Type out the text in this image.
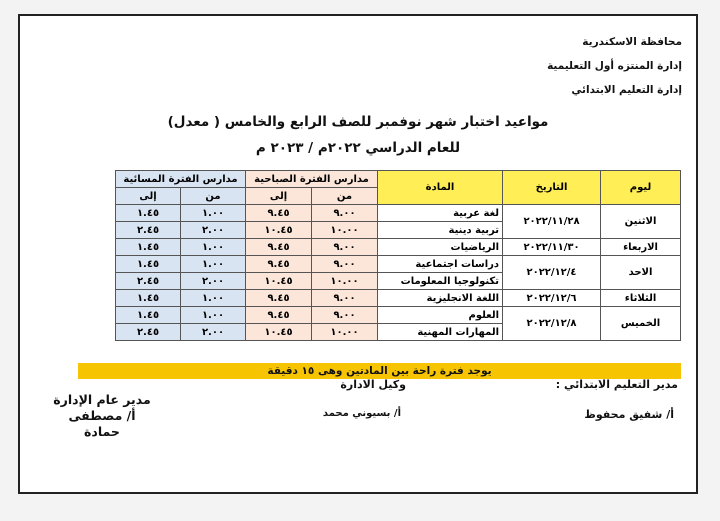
محافظة الاسكندرية
إدارة المنتزه أول التعليمية
إدارة التعليم الابتدائي
مواعيد اختبار شهر نوفمبر للصف الرابع والخامس ( معدل)
للعام الدراسي ٢٠٢٢م / ٢٠٢٣ م
ليوم	التاريخ	المادة	مدارس الفترة الصباحية		مدارس الفترة المسائية	
			من	إلى	من	إلى
الاثنين	٢٠٢٢/١١/٢٨	لغة عربية	٩.٠٠	٩.٤٥	١.٠٠	١.٤٥
		تربية دينية	١٠.٠٠	١٠.٤٥	٢.٠٠	٢.٤٥
الاربعاء	٢٠٢٢/١١/٣٠	الرياضيات	٩.٠٠	٩.٤٥	١.٠٠	١.٤٥
الاحد	٢٠٢٢/١٢/٤	دراسات اجتماعية	٩.٠٠	٩.٤٥	١.٠٠	١.٤٥
		تكنولوجيا المعلومات	١٠.٠٠	١٠.٤٥	٢.٠٠	٢.٤٥
الثلاثاء	٢٠٢٢/١٢/٦	اللغة الانجليزية	٩.٠٠	٩.٤٥	١.٠٠	١.٤٥
الخميس	٢٠٢٢/١٢/٨	العلوم	٩.٠٠	٩.٤٥	١.٠٠	١.٤٥
		المهارات المهنية	١٠.٠٠	١٠.٤٥	٢.٠٠	٢.٤٥
يوجد فترة راحة بين المادتين وهى ١٥ دقيقة
مدير التعليم الابتدائي :
أ/ شفيق محفوظ
وكيل الادارة
أ/ بسيوني محمد
مدير عام الإدارة
أ/ مصطفى
حمادة
